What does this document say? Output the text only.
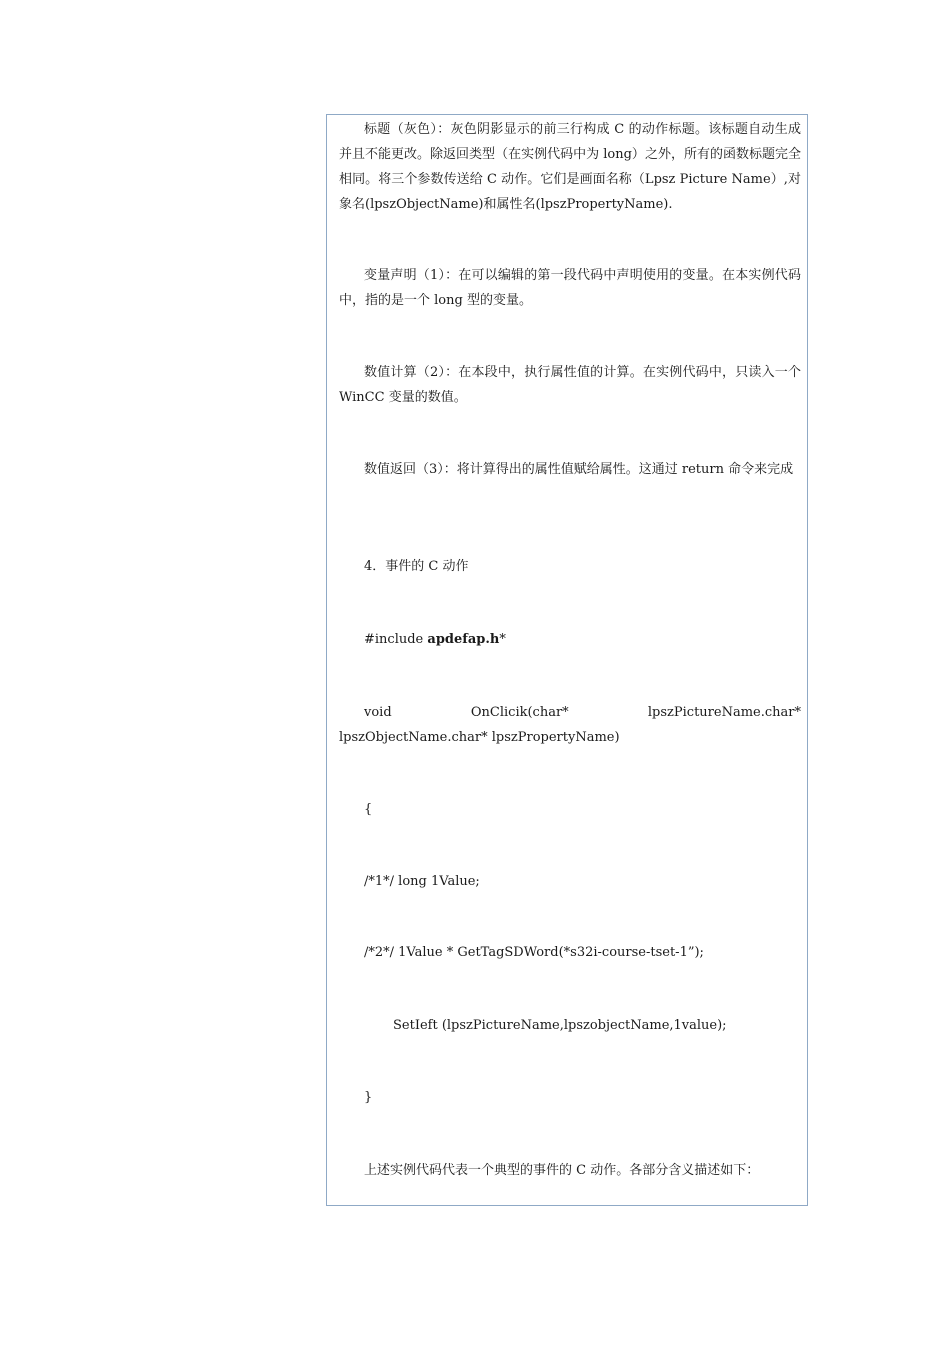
标题（灰色）：灰色阴影显示的前三行构成 C 的动作标题。该标题自动生成并且不能更改。除返回类型（在实例代码中为 long）之外，所有的函数标题完全相同。将三个参数传送给 C 动作。它们是画面名称（Lpsz Picture Name）,对象名(lpszObjectName)和属性名(lpszPropertyName).

变量声明（1）：在可以编辑的第一段代码中声明使用的变量。在本实例代码中，指的是一个 long 型的变量。

数值计算（2）：在本段中，执行属性值的计算。在实例代码中，只读入一个 WinCC 变量的数值。

数值返回（3）：将计算得出的属性值赋给属性。这通过 return 命令来完成

4．事件的 C 动作

#include apdefap.h*

void OnClicik(char* lpszPictureName.char* lpszObjectName.char* lpszPropertyName)

{

/*1*/ long 1Value;

/*2*/ 1Value * GetTagSDWord(*s32i-course-tset-1”);

SetIeft (lpszPictureName,lpszobjectName,1value);

}

上述实例代码代表一个典型的事件的 C 动作。各部分含义描述如下：
